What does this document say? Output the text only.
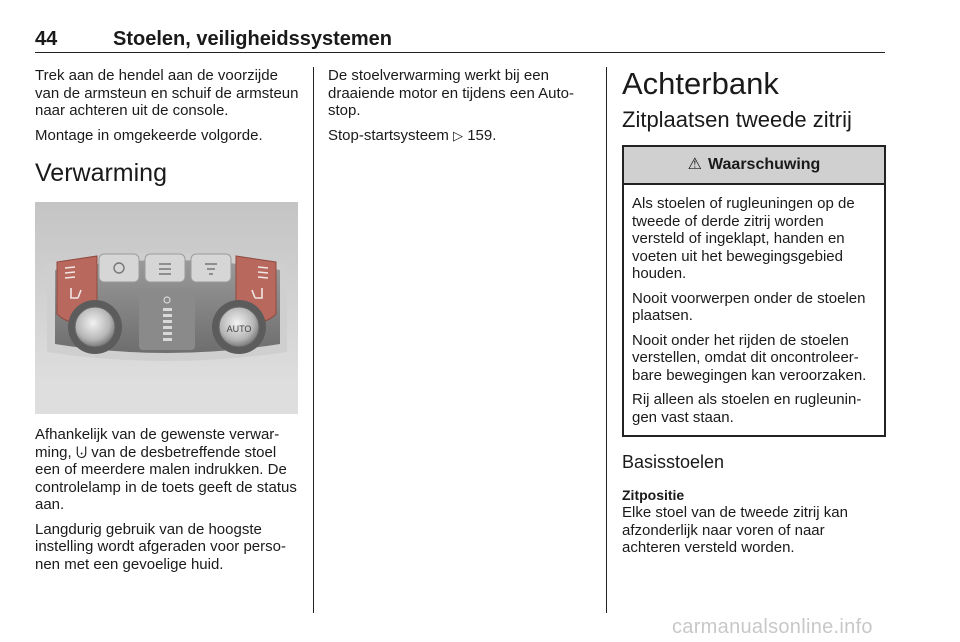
44	Stoelen, veiligheidssystemen

Trek aan de hendel aan de voorzijde van de armsteun en schuif de armsteun naar achteren uit de console.

Montage in omgekeerde volgorde.

Verwarming
AUTO

Afhankelijk van de gewenste verwarming, ⨃ van de desbetreffende stoel een of meerdere malen indrukken. De controlelamp in de toets geeft de status aan.

Langdurig gebruik van de hoogste instelling wordt afgeraden voor personen met een gevoelige huid.

De stoelverwarming werkt bij een draaiende motor en tijdens een Auto-stop.

Stop-startsysteem ▷ 159.

Achterbank
Zitplaatsen tweede zitrij
⚠ Waarschuwing

Als stoelen of rugleuningen op de tweede of derde zitrij worden versteld of ingeklapt, handen en voeten uit het bewegingsgebied houden.

Nooit voorwerpen onder de stoelen plaatsen.

Nooit onder het rijden de stoelen verstellen, omdat dit oncontroleerbare bewegingen kan veroorzaken.

Rij alleen als stoelen en rugleuningen vast staan.

Basisstoelen
Zitpositie

Elke stoel van de tweede zitrij kan afzonderlijk naar voren of naar achteren versteld worden.

carmanualsonline.info
